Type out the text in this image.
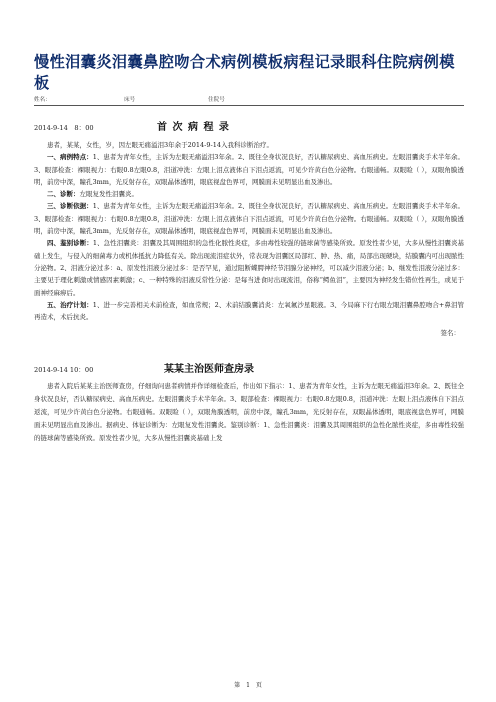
慢性泪囊炎泪囊鼻腔吻合术病例模板病程记录眼科住院病例模板
姓名：	床号	住院号
2014-9-14　8：00	首 次 病 程 录

患者，某某，女性，岁，因左眼无痛溢泪3年余于2014-9-14入我科诊断治疗。

一、病例特点：1、患者为青年女性，主诉为左眼无痛溢泪3年余。2、既往全身状况良好，否认糖尿病史、高血压病史。左眼泪囊炎手术半年余。3、眼部检查：裸眼视力：右眼0.8左眼0.8，泪道冲洗：左眼上泪点液体自下泪点返流，可见少许黄白色分泌物。右眼通畅。双眼睑（ ），双眼角膜透明，前房中深，瞳孔3mm，光反射存在，双眼晶体透明，眼底视盘色界可，网膜面未见明显出血及渗出。

二、诊断：左眼复发性泪囊炎。

三、诊断依据：1、患者为青年女性，主诉为左眼无痛溢泪3年余。2、既往全身状况良好，否认糖尿病史、高血压病史。左眼泪囊炎手术半年余。3、眼部检查：裸眼视力：右眼0.8左眼0.8，泪道冲洗：左眼上泪点液体自下泪点返流，可见少许黄白色分泌物。右眼通畅。双眼睑（ ），双眼角膜透明，前房中深，瞳孔3mm，光反射存在，双眼晶体透明，眼底视盘色界可，网膜面未见明显出血及渗出。

四、鉴别诊断：1、急性泪囊炎：泪囊及其周围组织的急性化脓性炎症，多由毒性较强的链球菌等感染所致。原发性者少见，大多从慢性泪囊炎基础上发生，与侵入的细菌毒力或机体抵抗力降低有关。除出现流泪症状外，常表现为泪囊区局部红、肿、热、痛，局部出现硬块，结膜囊内可出现脓性分泌物。2、泪液分泌过多：a、原发性泪液分泌过多：是否罕见，通过阻断蝶腭神经节泪腺分泌神经，可以减少泪液分泌；b、继发性泪液分泌过多：主要见于理化刺激或情感因素刺激；c、一种特殊的泪液反常性分泌：是每当进食时出现流泪，俗称“鳄鱼泪”，主要因为神经发生错位性再生，或见于面神经麻痹后。

五、治疗计划：1、进一步完善相关术前检查，如血常规；2、术前结膜囊消炎：左氧氟沙星眼液。3、今局麻下行右眼左眼泪囊鼻腔吻合+鼻泪管再造术，术后抗炎。

签名：
2014-9-14 10：00	某某主治医师查房录

患者入院后某某主治医师查房，仔细询问患者病情并作详细检查后，作出如下指示：1、患者为青年女性，主诉为左眼无痛溢泪3年余。2、既往全身状况良好，否认糖尿病史、高血压病史。左眼泪囊炎手术半年余。3、眼部检查：裸眼视力：右眼0.8左眼0.8，泪道冲洗：左眼上泪点液体自下泪点返流，可见少许黄白色分泌物。右眼通畅。双眼睑（ ），双眼角膜透明，前房中深，瞳孔3mm，光反射存在，双眼晶体透明，眼底视盘色界可，网膜面未见明显出血及渗出。据病史、体征诊断为：左眼复发性泪囊炎。鉴别诊断：1、急性泪囊炎：泪囊及其周围组织的急性化脓性炎症，多由毒性较强的链球菌等感染所致。原发性者少见，大多从慢性泪囊炎基础上发

第　1　页
